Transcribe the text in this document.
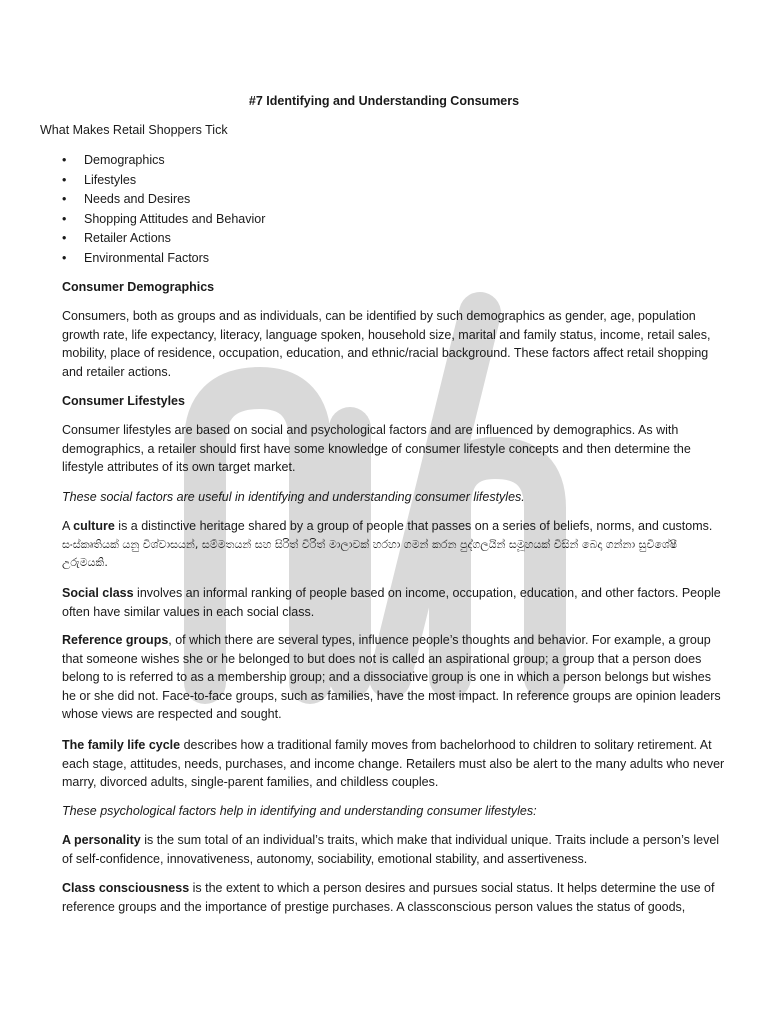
#7 Identifying and Understanding Consumers
What Makes Retail Shoppers Tick
• Demographics
• Lifestyles
• Needs and Desires
• Shopping Attitudes and Behavior
• Retailer Actions
• Environmental Factors
Consumer Demographics
Consumers, both as groups and as individuals, can be identified by such demographics as gender, age, population growth rate, life expectancy, literacy, language spoken, household size, marital and family status, income, retail sales, mobility, place of residence, occupation, education, and ethnic/racial background. These factors affect retail shopping and retailer actions.
Consumer Lifestyles
Consumer lifestyles are based on social and psychological factors and are influenced by demographics. As with demographics, a retailer should first have some knowledge of consumer lifestyle concepts and then determine the lifestyle attributes of its own target market.
These social factors are useful in identifying and understanding consumer lifestyles.
A culture is a distinctive heritage shared by a group of people that passes on a series of beliefs, norms, and customs.
සංස්කෘතියක් යනු විශ්වාසයන්, සම්මතයන් සහ සිරිත් විරිත් මාලාවක් හරහා ගමන් කරන පුද්ගලයින් සමූහයක් විසින් බෙදා ගන්නා සුවිශේෂී උරුමයකි.
Social class involves an informal ranking of people based on income, occupation, education, and other factors. People often have similar values in each social class.
Reference groups, of which there are several types, influence people’s thoughts and behavior. For example, a group that someone wishes she or he belonged to but does not is called an aspirational group; a group that a person does belong to is referred to as a membership group; and a dissociative group is one in which a person belongs but wishes he or she did not. Face-to-face groups, such as families, have the most impact. In reference groups are opinion leaders whose views are respected and sought.
The family life cycle describes how a traditional family moves from bachelorhood to children to solitary retirement. At each stage, attitudes, needs, purchases, and income change. Retailers must also be alert to the many adults who never marry, divorced adults, single-parent families, and childless couples.
These psychological factors help in identifying and understanding consumer lifestyles:
A personality is the sum total of an individual’s traits, which make that individual unique. Traits include a person’s level of self-confidence, innovativeness, autonomy, sociability, emotional stability, and assertiveness.
Class consciousness is the extent to which a person desires and pursues social status. It helps determine the use of reference groups and the importance of prestige purchases. A classconscious person values the status of goods,
